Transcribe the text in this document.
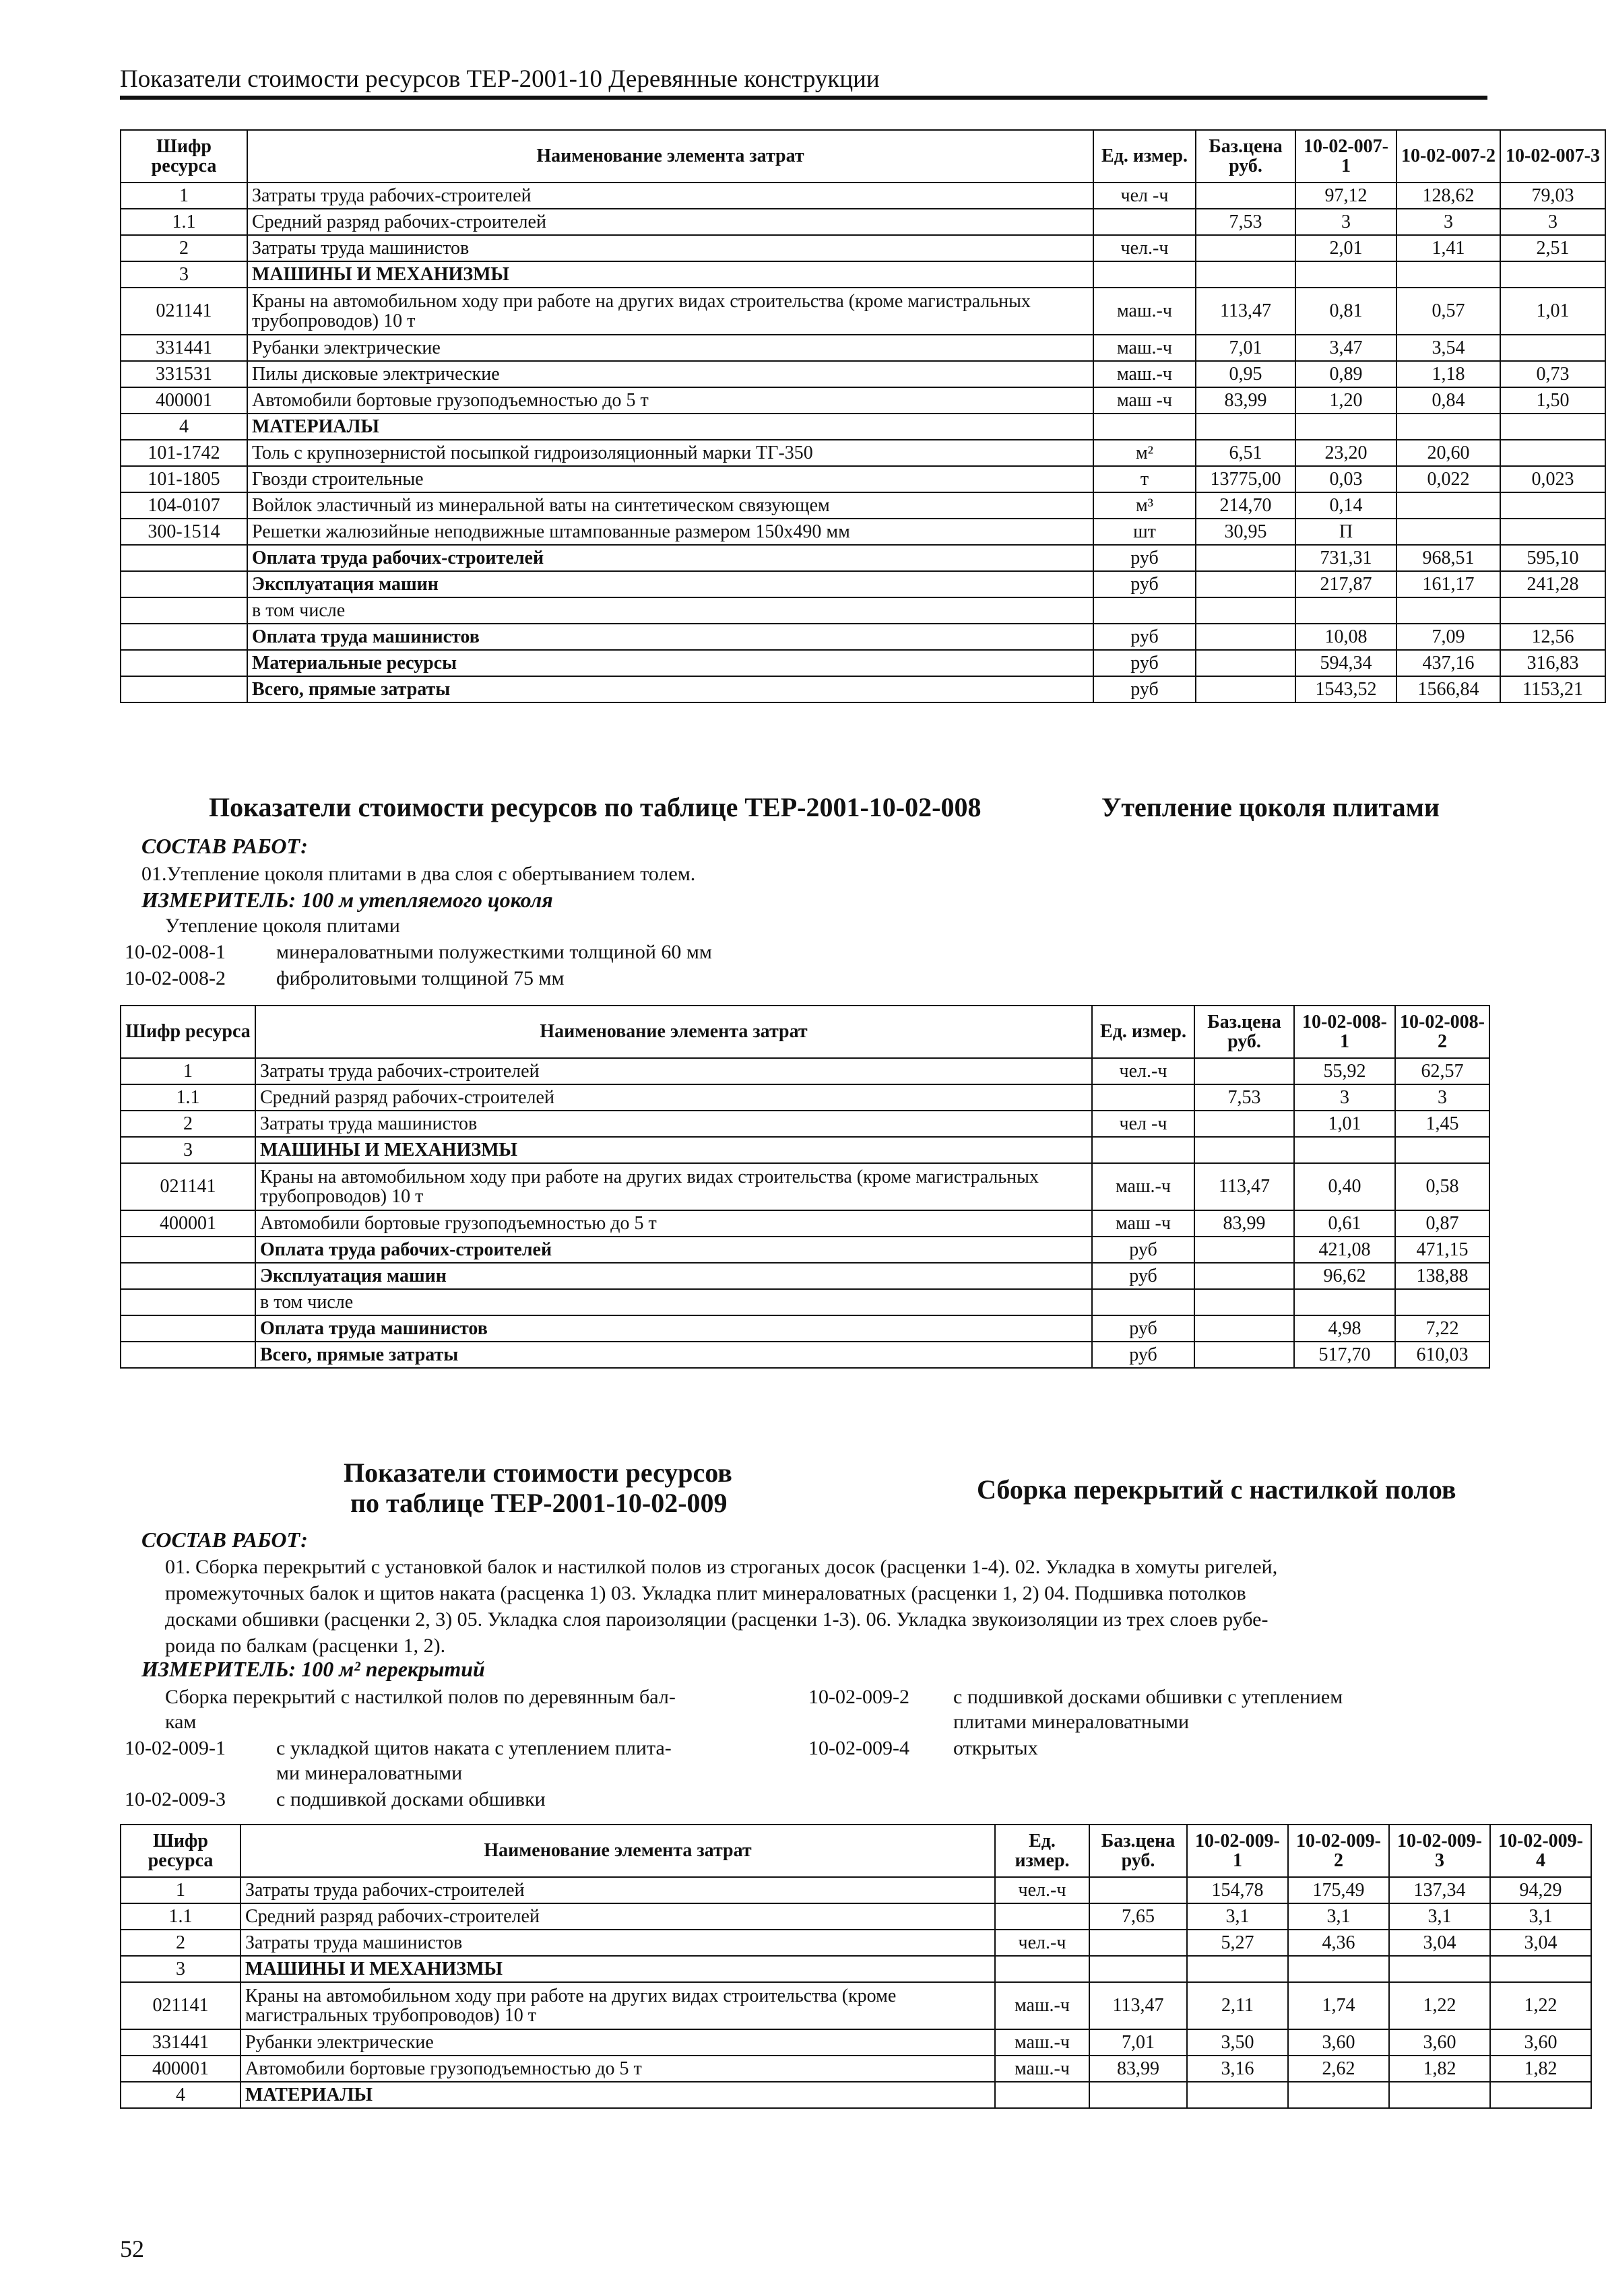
Показатели стоимости ресурсов ТЕР-2001-10 Деревянные конструкции
Шифр ресурса	Наименование элемента затрат	Ед. измер.	Баз.цена руб.	10-02-007-1	10-02-007-2	10-02-007-3
1	Затраты труда рабочих-строителей	чел -ч		97,12	128,62	79,03
1.1	Средний разряд рабочих-строителей		7,53	3	3	3
2	Затраты труда машинистов	чел.-ч		2,01	1,41	2,51
3	МАШИНЫ И МЕХАНИЗМЫ					
021141	Краны на автомобильном ходу при работе на других видах строительства (кроме магистральных трубопроводов) 10 т	маш.-ч	113,47	0,81	0,57	1,01
331441	Рубанки электрические	маш.-ч	7,01	3,47	3,54	
331531	Пилы дисковые электрические	маш.-ч	0,95	0,89	1,18	0,73
400001	Автомобили бортовые грузоподъемностью до 5 т	маш -ч	83,99	1,20	0,84	1,50
4	МАТЕРИАЛЫ					
101-1742	Толь с крупнозернистой посыпкой гидроизоляционный марки ТГ-350	м²	6,51	23,20	20,60	
101-1805	Гвозди строительные	т	13775,00	0,03	0,022	0,023
104-0107	Войлок эластичный из минеральной ваты на синтетическом связующем	м³	214,70	0,14		
300-1514	Решетки жалюзийные неподвижные штампованные размером 150х490 мм	шт	30,95	П		
	Оплата труда рабочих-строителей	руб		731,31	968,51	595,10
	Эксплуатация машин	руб		217,87	161,17	241,28
	в том числе					
	Оплата труда машинистов	руб		10,08	7,09	12,56
	Материальные ресурсы	руб		594,34	437,16	316,83
	Всего, прямые затраты	руб		1543,52	1566,84	1153,21
Показатели стоимости ресурсов по таблице ТЕР-2001-10-02-008	Утепление цоколя плитами
СОСТАВ РАБОТ:
01.Утепление цоколя плитами в два слоя с обертыванием толем.
ИЗМЕРИТЕЛЬ: 100 м утепляемого цоколя
Утепление цоколя плитами
10-02-008-1	минераловатными полужесткими толщиной 60 мм
10-02-008-2	фибролитовыми толщиной 75 мм
Шифр ресурса	Наименование элемента затрат	Ед. измер.	Баз.цена руб.	10-02-008-1	10-02-008-2
1	Затраты труда рабочих-строителей	чел.-ч		55,92	62,57
1.1	Средний разряд рабочих-строителей		7,53	3	3
2	Затраты труда машинистов	чел -ч		1,01	1,45
3	МАШИНЫ И МЕХАНИЗМЫ				
021141	Краны на автомобильном ходу при работе на других видах строительства (кроме магистральных трубопроводов) 10 т	маш.-ч	113,47	0,40	0,58
400001	Автомобили бортовые грузоподъемностью до 5 т	маш -ч	83,99	0,61	0,87
	Оплата труда рабочих-строителей	руб		421,08	471,15
	Эксплуатация машин	руб		96,62	138,88
	в том числе				
	Оплата труда машинистов	руб		4,98	7,22
	Всего, прямые затраты	руб		517,70	610,03
Показатели стоимости ресурсов
по таблице ТЕР-2001-10-02-009	Сборка перекрытий с настилкой полов
СОСТАВ РАБОТ:
01. Сборка перекрытий с установкой балок и настилкой полов из строганых досок (расценки 1-4). 02. Укладка в хомуты ригелей,
промежуточных балок и щитов наката (расценка 1) 03. Укладка плит минераловатных (расценки 1, 2) 04. Подшивка потолков
досками обшивки (расценки 2, 3) 05. Укладка слоя пароизоляции (расценки 1-3). 06. Укладка звукоизоляции из трех слоев рубе-
роида по балкам (расценки 1, 2).
ИЗМЕРИТЕЛЬ: 100 м² перекрытий
Сборка перекрытий с настилкой полов по деревянным бал-
кам
10-02-009-1	с укладкой щитов наката с утеплением плита-
ми минераловатными
10-02-009-3	с подшивкой досками обшивки
10-02-009-2 с подшивкой досками обшивки с утеплением
плитами минераловатными
10-02-009-4 открытых
Шифр ресурса	Наименование элемента затрат	Ед. измер.	Баз.цена руб.	10-02-009-1	10-02-009-2	10-02-009-3	10-02-009-4
1	Затраты труда рабочих-строителей	чел.-ч		154,78	175,49	137,34	94,29
1.1	Средний разряд рабочих-строителей		7,65	3,1	3,1	3,1	3,1
2	Затраты труда машинистов	чел.-ч		5,27	4,36	3,04	3,04
3	МАШИНЫ И МЕХАНИЗМЫ						
021141	Краны на автомобильном ходу при работе на других видах строительства (кроме магистральных трубопроводов) 10 т	маш.-ч	113,47	2,11	1,74	1,22	1,22
331441	Рубанки электрические	маш.-ч	7,01	3,50	3,60	3,60	3,60
400001	Автомобили бортовые грузоподъемностью до 5 т	маш.-ч	83,99	3,16	2,62	1,82	1,82
4	МАТЕРИАЛЫ						
52
